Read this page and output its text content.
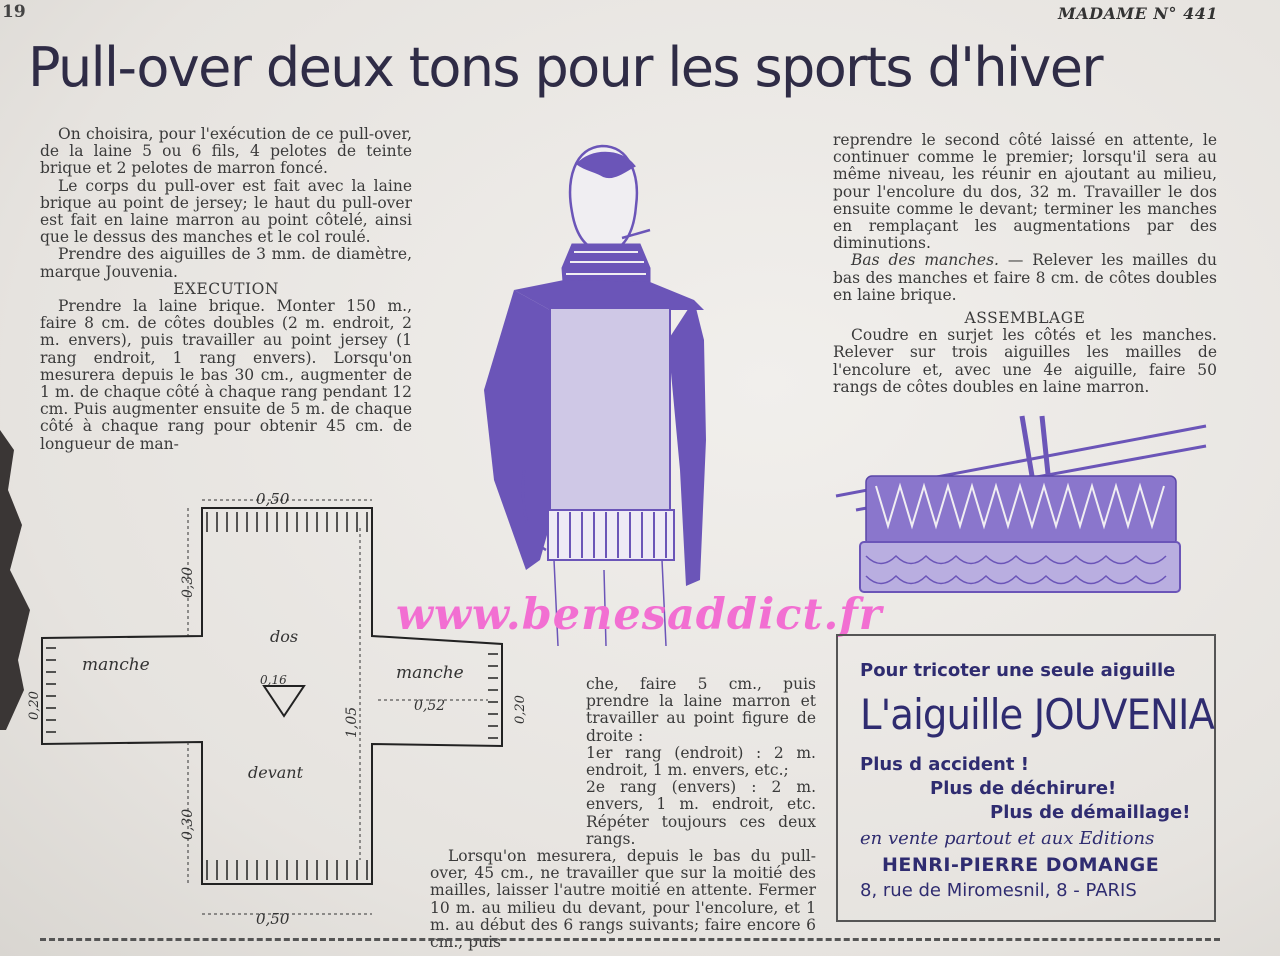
19	MADAME N° 441
Pull-over deux tons pour les sports d'hiver

On choisira, pour l'exécution de ce pull-over, de la laine 5 ou 6 fils, 4 pelotes de teinte brique et 2 pelotes de marron foncé.

Le corps du pull-over est fait avec la laine brique au point de jersey; le haut du pull-over est fait en laine marron au point côtelé, ainsi que le dessus des manches et le col roulé.

Prendre des aiguilles de 3 mm. de diamètre, marque Jouvenia.

EXECUTION

Prendre la laine brique. Monter 150 m., faire 8 cm. de côtes doubles (2 m. endroit, 2 m. envers), puis travailler au point jersey (1 rang endroit, 1 rang envers). Lorsqu'on mesurera depuis le bas 30 cm., augmenter de 1 m. de chaque côté à chaque rang pendant 12 cm. Puis augmenter ensuite de 5 m. de chaque côté à chaque rang pour obtenir 45 cm. de longueur de man-

0,50
0,50
0,30
0,30
dos
devant
manche	manche
0,16
0,20	0,52	0,20
1,05

che, faire 5 cm., puis prendre la laine marron et travailler au point figure de droite :

1er rang (endroit) : 2 m. endroit, 1 m. envers, etc.;

2e rang (envers) : 2 m. envers, 1 m. endroit, etc. Répéter toujours ces deux rangs.

Lorsqu'on mesurera, depuis le bas du pull-over, 45 cm., ne travailler que sur la moitié des mailles, laisser l'autre moitié en attente. Fermer 10 m. au milieu du devant, pour l'encolure, et 1 m. au début des 6 rangs suivants; faire encore 6 cm., puis

reprendre le second côté laissé en attente, le continuer comme le premier; lorsqu'il sera au même niveau, les réunir en ajoutant au milieu, pour l'encolure du dos, 32 m. Travailler le dos ensuite comme le devant; terminer les manches en remplaçant les augmentations par des diminutions.

Bas des manches. — Relever les mailles du bas des manches et faire 8 cm. de côtes doubles en laine brique.

ASSEMBLAGE

Coudre en surjet les côtés et les manches. Relever sur trois aiguilles les mailles de l'encolure et, avec une 4e aiguille, faire 50 rangs de côtes doubles en laine marron.

www.benesaddict.fr
Pour tricoter une seule aiguille
L'aiguille JOUVENIA
Plus d accident !
Plus de déchirure!
Plus de démaillage!
en vente partout et aux Editions
HENRI-PIERRE DOMANGE
8, rue de Miromesnil, 8 - PARIS
